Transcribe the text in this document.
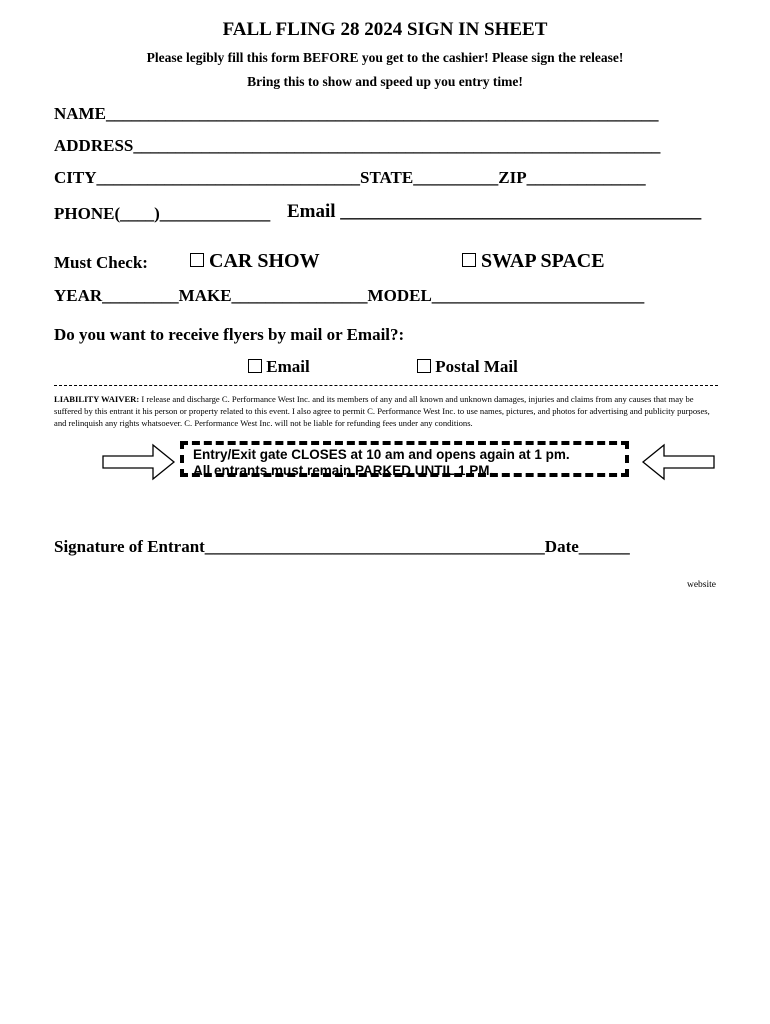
FALL FLING 28 2024 SIGN IN SHEET
Please legibly fill this form BEFORE you get to the cashier! Please sign the release!
Bring this to show and speed up you entry time!
NAME_________________________________________________________________
ADDRESS______________________________________________________________
CITY_______________________________STATE__________ZIP______________
PHONE(____)_____________ Email ______________________________________
Must Check:	CAR SHOW	SWAP SPACE
YEAR_________MAKE________________MODEL_________________________
Do you want to receive flyers by mail or Email?:
Email	Postal Mail
LIABILITY WAIVER: I release and discharge C. Performance West Inc. and its members of any and all known and unknown damages, injuries and claims from any causes that may be suffered by this entrant it his person or property related to this event. I also agree to permit C. Performance West Inc. to use names, pictures, and photos for advertising and publicity purposes, and relinquish any rights whatsoever. C. Performance West Inc. will not be liable for refunding fees under any conditions.
Entry/Exit gate CLOSES at 10 am and opens again at 1 pm.
All entrants must remain PARKED UNTIL 1 PM.
Signature of Entrant________________________________________Date______
website
